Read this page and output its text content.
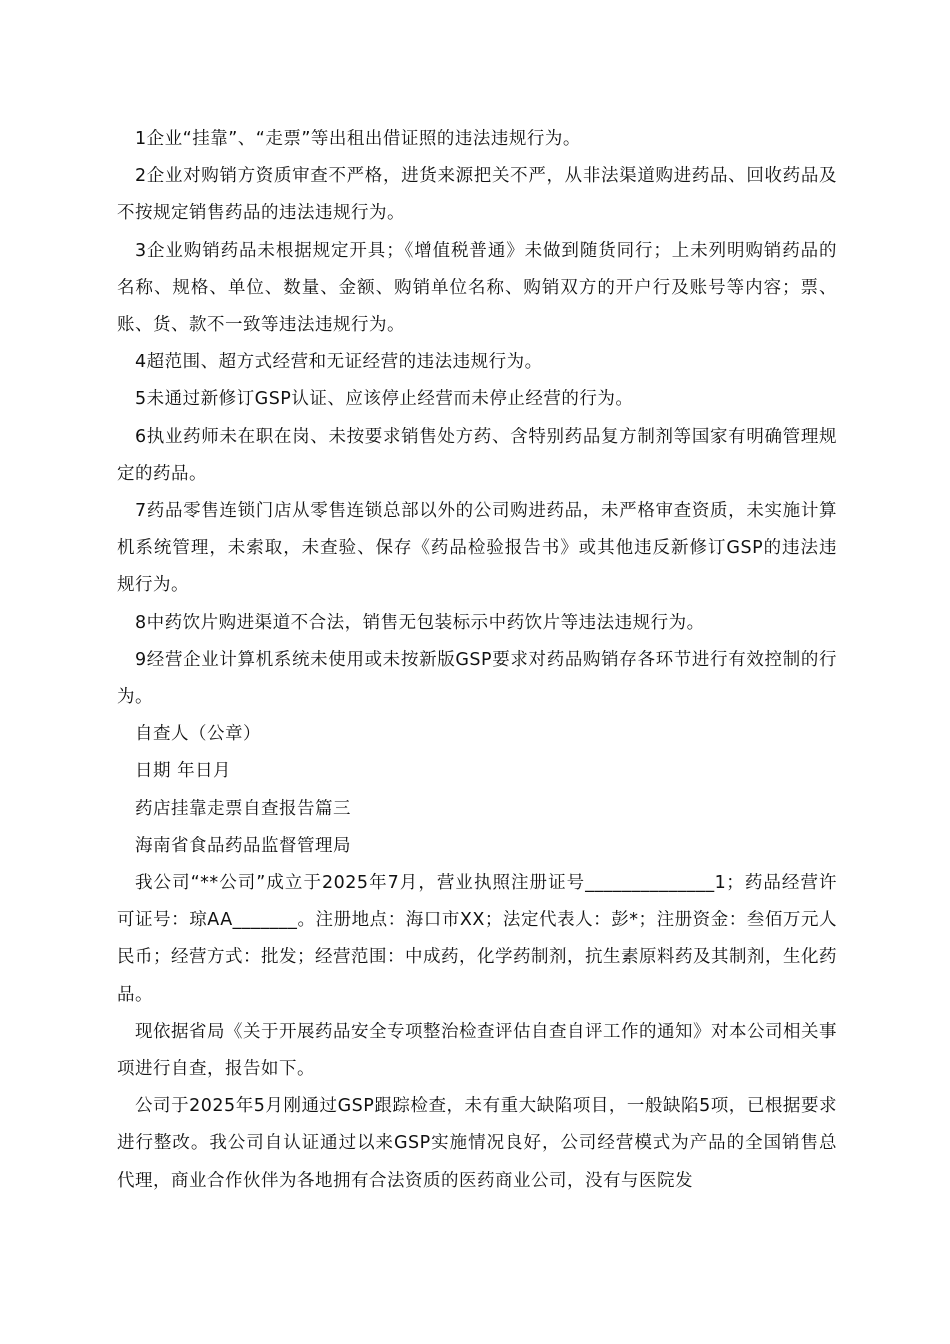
1企业“挂靠”、“走票”等出租出借证照的违法违规行为。

2企业对购销方资质审查不严格，进货来源把关不严，从非法渠道购进药品、回收药品及不按规定销售药品的违法违规行为。

3企业购销药品未根据规定开具；《增值税普通》未做到随货同行；上未列明购销药品的名称、规格、单位、数量、金额、购销单位名称、购销双方的开户行及账号等内容；票、账、货、款不一致等违法违规行为。

4超范围、超方式经营和无证经营的违法违规行为。

5未通过新修订GSP认证、应该停止经营而未停止经营的行为。

6执业药师未在职在岗、未按要求销售处方药、含特别药品复方制剂等国家有明确管理规定的药品。

7药品零售连锁门店从零售连锁总部以外的公司购进药品，未严格审查资质，未实施计算机系统管理，未索取，未查验、保存《药品检验报告书》或其他违反新修订GSP的违法违规行为。

8中药饮片购进渠道不合法，销售无包装标示中药饮片等违法违规行为。

9经营企业计算机系统未使用或未按新版GSP要求对药品购销存各环节进行有效控制的行为。

自查人（公章）

日期 年日月

药店挂靠走票自查报告篇三

海南省食品药品监督管理局

我公司“**公司”成立于2025年7月，营业执照注册证号______________1；药品经营许可证号：琼AA_______。注册地点：海口市XX；法定代表人：彭*；注册资金：叁佰万元人民币；经营方式：批发；经营范围：中成药，化学药制剂，抗生素原料药及其制剂，生化药品。

现依据省局《关于开展药品安全专项整治检查评估自查自评工作的通知》对本公司相关事项进行自查，报告如下。

公司于2025年5月刚通过GSP跟踪检查，未有重大缺陷项目，一般缺陷5项，已根据要求进行整改。我公司自认证通过以来GSP实施情况良好，公司经营模式为产品的全国销售总代理，商业合作伙伴为各地拥有合法资质的医药商业公司，没有与医院发
